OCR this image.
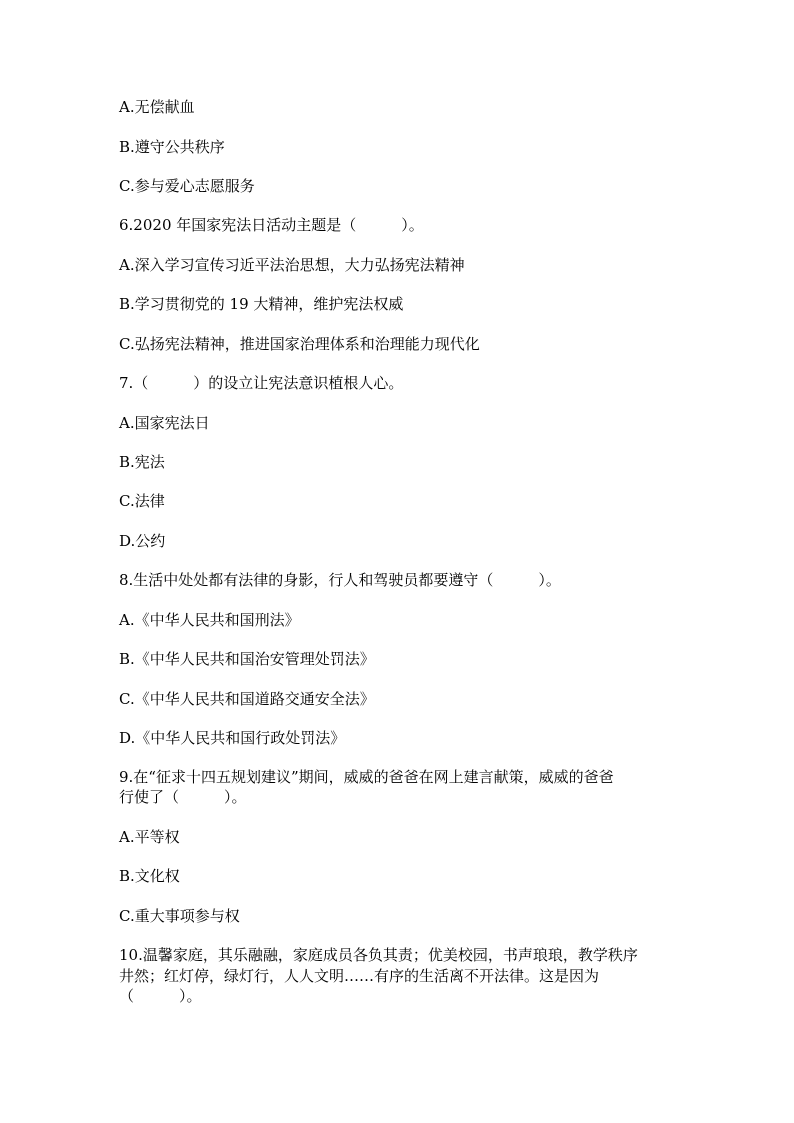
A.无偿献血
B.遵守公共秩序
C.参与爱心志愿服务
6.2020 年国家宪法日活动主题是（　　　）。
A.深入学习宣传习近平法治思想，大力弘扬宪法精神
B.学习贯彻党的 19 大精神，维护宪法权威
C.弘扬宪法精神，推进国家治理体系和治理能力现代化
7.（　　　）的设立让宪法意识植根人心。
A.国家宪法日
B.宪法
C.法律
D.公约
8.生活中处处都有法律的身影，行人和驾驶员都要遵守（　　　）。
A.《中华人民共和国刑法》
B.《中华人民共和国治安管理处罚法》
C.《中华人民共和国道路交通安全法》
D.《中华人民共和国行政处罚法》
9.在“征求十四五规划建议”期间，威威的爸爸在网上建言献策，威威的爸爸
行使了（　　　）。
A.平等权
B.文化权
C.重大事项参与权
10.温馨家庭，其乐融融，家庭成员各负其责；优美校园，书声琅琅，教学秩序
井然；红灯停，绿灯行，人人文明……有序的生活离不开法律。这是因为
（　　　）。
